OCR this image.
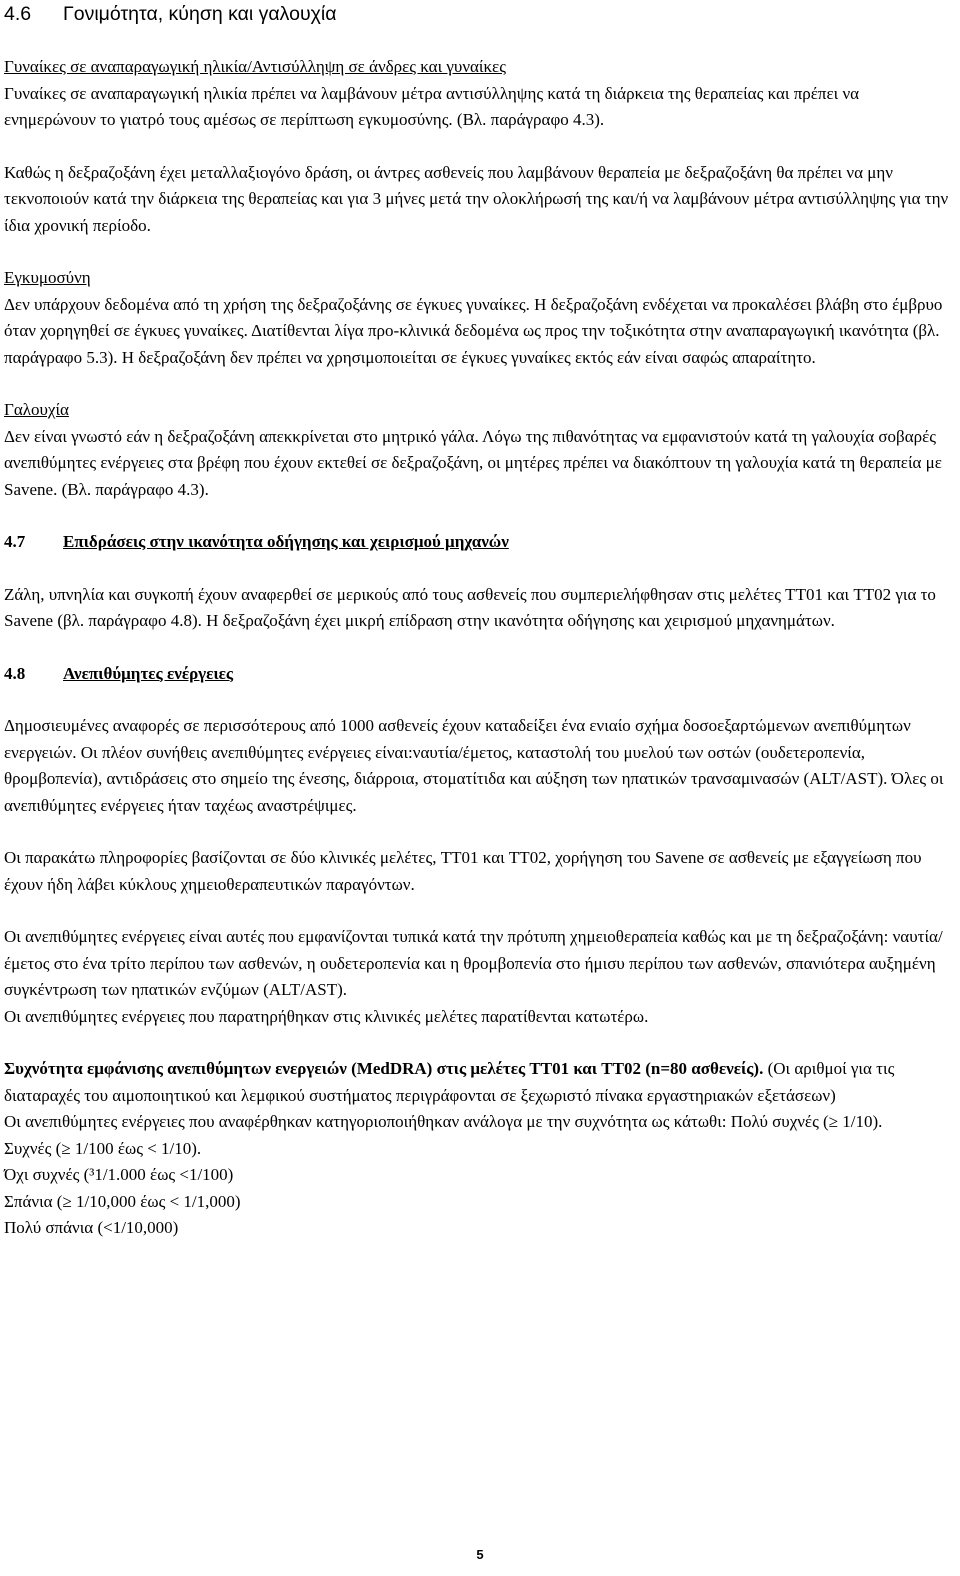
4.6 Γονιμότητα, κύηση και γαλουχία

Γυναίκες σε αναπαραγωγική ηλικία/Αντισύλληψη σε άνδρες και γυναίκες

Γυναίκες σε αναπαραγωγική ηλικία πρέπει να λαμβάνουν μέτρα αντισύλληψης κατά τη διάρκεια της θεραπείας και πρέπει να ενημερώνουν το γιατρό τους αμέσως σε περίπτωση εγκυμοσύνης. (Βλ. παράγραφο 4.3).

Καθώς η δεξραζοξάνη έχει μεταλλαξιογόνο δράση, οι άντρες ασθενείς που λαμβάνουν θεραπεία με δεξραζοξάνη θα πρέπει να μην τεκνοποιούν κατά την διάρκεια της θεραπείας και για 3 μήνες μετά την ολοκλήρωσή της και/ή να λαμβάνουν μέτρα αντισύλληψης για την ίδια χρονική περίοδο.

Εγκυμοσύνη

Δεν υπάρχουν δεδομένα από τη χρήση της δεξραζοξάνης σε έγκυες γυναίκες. Η δεξραζοξάνη ενδέχεται να προκαλέσει βλάβη στο έμβρυο όταν χορηγηθεί σε έγκυες γυναίκες. Διατίθενται λίγα προ-κλινικά δεδομένα ως προς την τοξικότητα στην αναπαραγωγική ικανότητα (βλ. παράγραφο 5.3). Η δεξραζοξάνη δεν πρέπει να χρησιμοποιείται σε έγκυες γυναίκες εκτός εάν είναι σαφώς απαραίτητο.

Γαλουχία

Δεν είναι γνωστό εάν η δεξραζοξάνη απεκκρίνεται στο μητρικό γάλα. Λόγω της πιθανότητας να εμφανιστούν κατά τη γαλουχία σοβαρές ανεπιθύμητες ενέργειες στα βρέφη που έχουν εκτεθεί σε δεξραζοξάνη, οι μητέρες πρέπει να διακόπτουν τη γαλουχία κατά τη θεραπεία με Savene. (Βλ. παράγραφο 4.3).

4.7 Επιδράσεις στην ικανότητα οδήγησης και χειρισμού μηχανών

Ζάλη, υπνηλία και συγκοπή έχουν αναφερθεί σε μερικούς από τους ασθενείς που συμπεριελήφθησαν στις μελέτες TT01 και TT02 για το Savene (βλ. παράγραφο 4.8). Η δεξραζοξάνη έχει μικρή επίδραση στην ικανότητα οδήγησης και χειρισμού μηχανημάτων.

4.8 Ανεπιθύμητες ενέργειες

Δημοσιευμένες αναφορές σε περισσότερους από 1000 ασθενείς έχουν καταδείξει ένα ενιαίο σχήμα δοσοεξαρτώμενων ανεπιθύμητων ενεργειών. Οι πλέον συνήθεις ανεπιθύμητες ενέργειες είναι:ναυτία/έμετος, καταστολή του μυελού των οστών (ουδετεροπενία, θρομβοπενία), αντιδράσεις στο σημείο της ένεσης, διάρροια, στοματίτιδα και αύξηση των ηπατικών τρανσαμινασών (ALT/AST). Όλες οι ανεπιθύμητες ενέργειες ήταν ταχέως αναστρέψιμες.

Οι παρακάτω πληροφορίες βασίζονται σε δύο κλινικές μελέτες, TT01 και TT02, χορήγηση του Savene σε ασθενείς με εξαγγείωση που έχουν ήδη λάβει κύκλους χημειοθεραπευτικών παραγόντων.

Οι ανεπιθύμητες ενέργειες είναι αυτές που εμφανίζονται τυπικά κατά την πρότυπη χημειοθεραπεία καθώς και με τη δεξραζοξάνη: ναυτία/έμετος στο ένα τρίτο περίπου των ασθενών, η ουδετεροπενία και η θρομβοπενία στο ήμισυ περίπου των ασθενών, σπανιότερα αυξημένη συγκέντρωση των ηπατικών ενζύμων (ALT/AST).

Οι ανεπιθύμητες ενέργειες που παρατηρήθηκαν στις κλινικές μελέτες παρατίθενται κατωτέρω.

Συχνότητα εμφάνισης ανεπιθύμητων ενεργειών (MedDRA) στις μελέτες TT01 και TT02 (n=80 ασθενείς). (Οι αριθμοί για τις διαταραχές του αιμοποιητικού και λεμφικού συστήματος περιγράφονται σε ξεχωριστό πίνακα εργαστηριακών εξετάσεων)

Οι ανεπιθύμητες ενέργειες που αναφέρθηκαν κατηγοριοποιήθηκαν ανάλογα με την συχνότητα ως κάτωθι: Πολύ συχνές (≥ 1/10).

Συχνές (≥ 1/100 έως < 1/10).

Όχι συχνές (³1/1.000 έως <1/100)

Σπάνια (≥ 1/10,000 έως < 1/1,000)

Πολύ σπάνια (<1/10,000)

5
